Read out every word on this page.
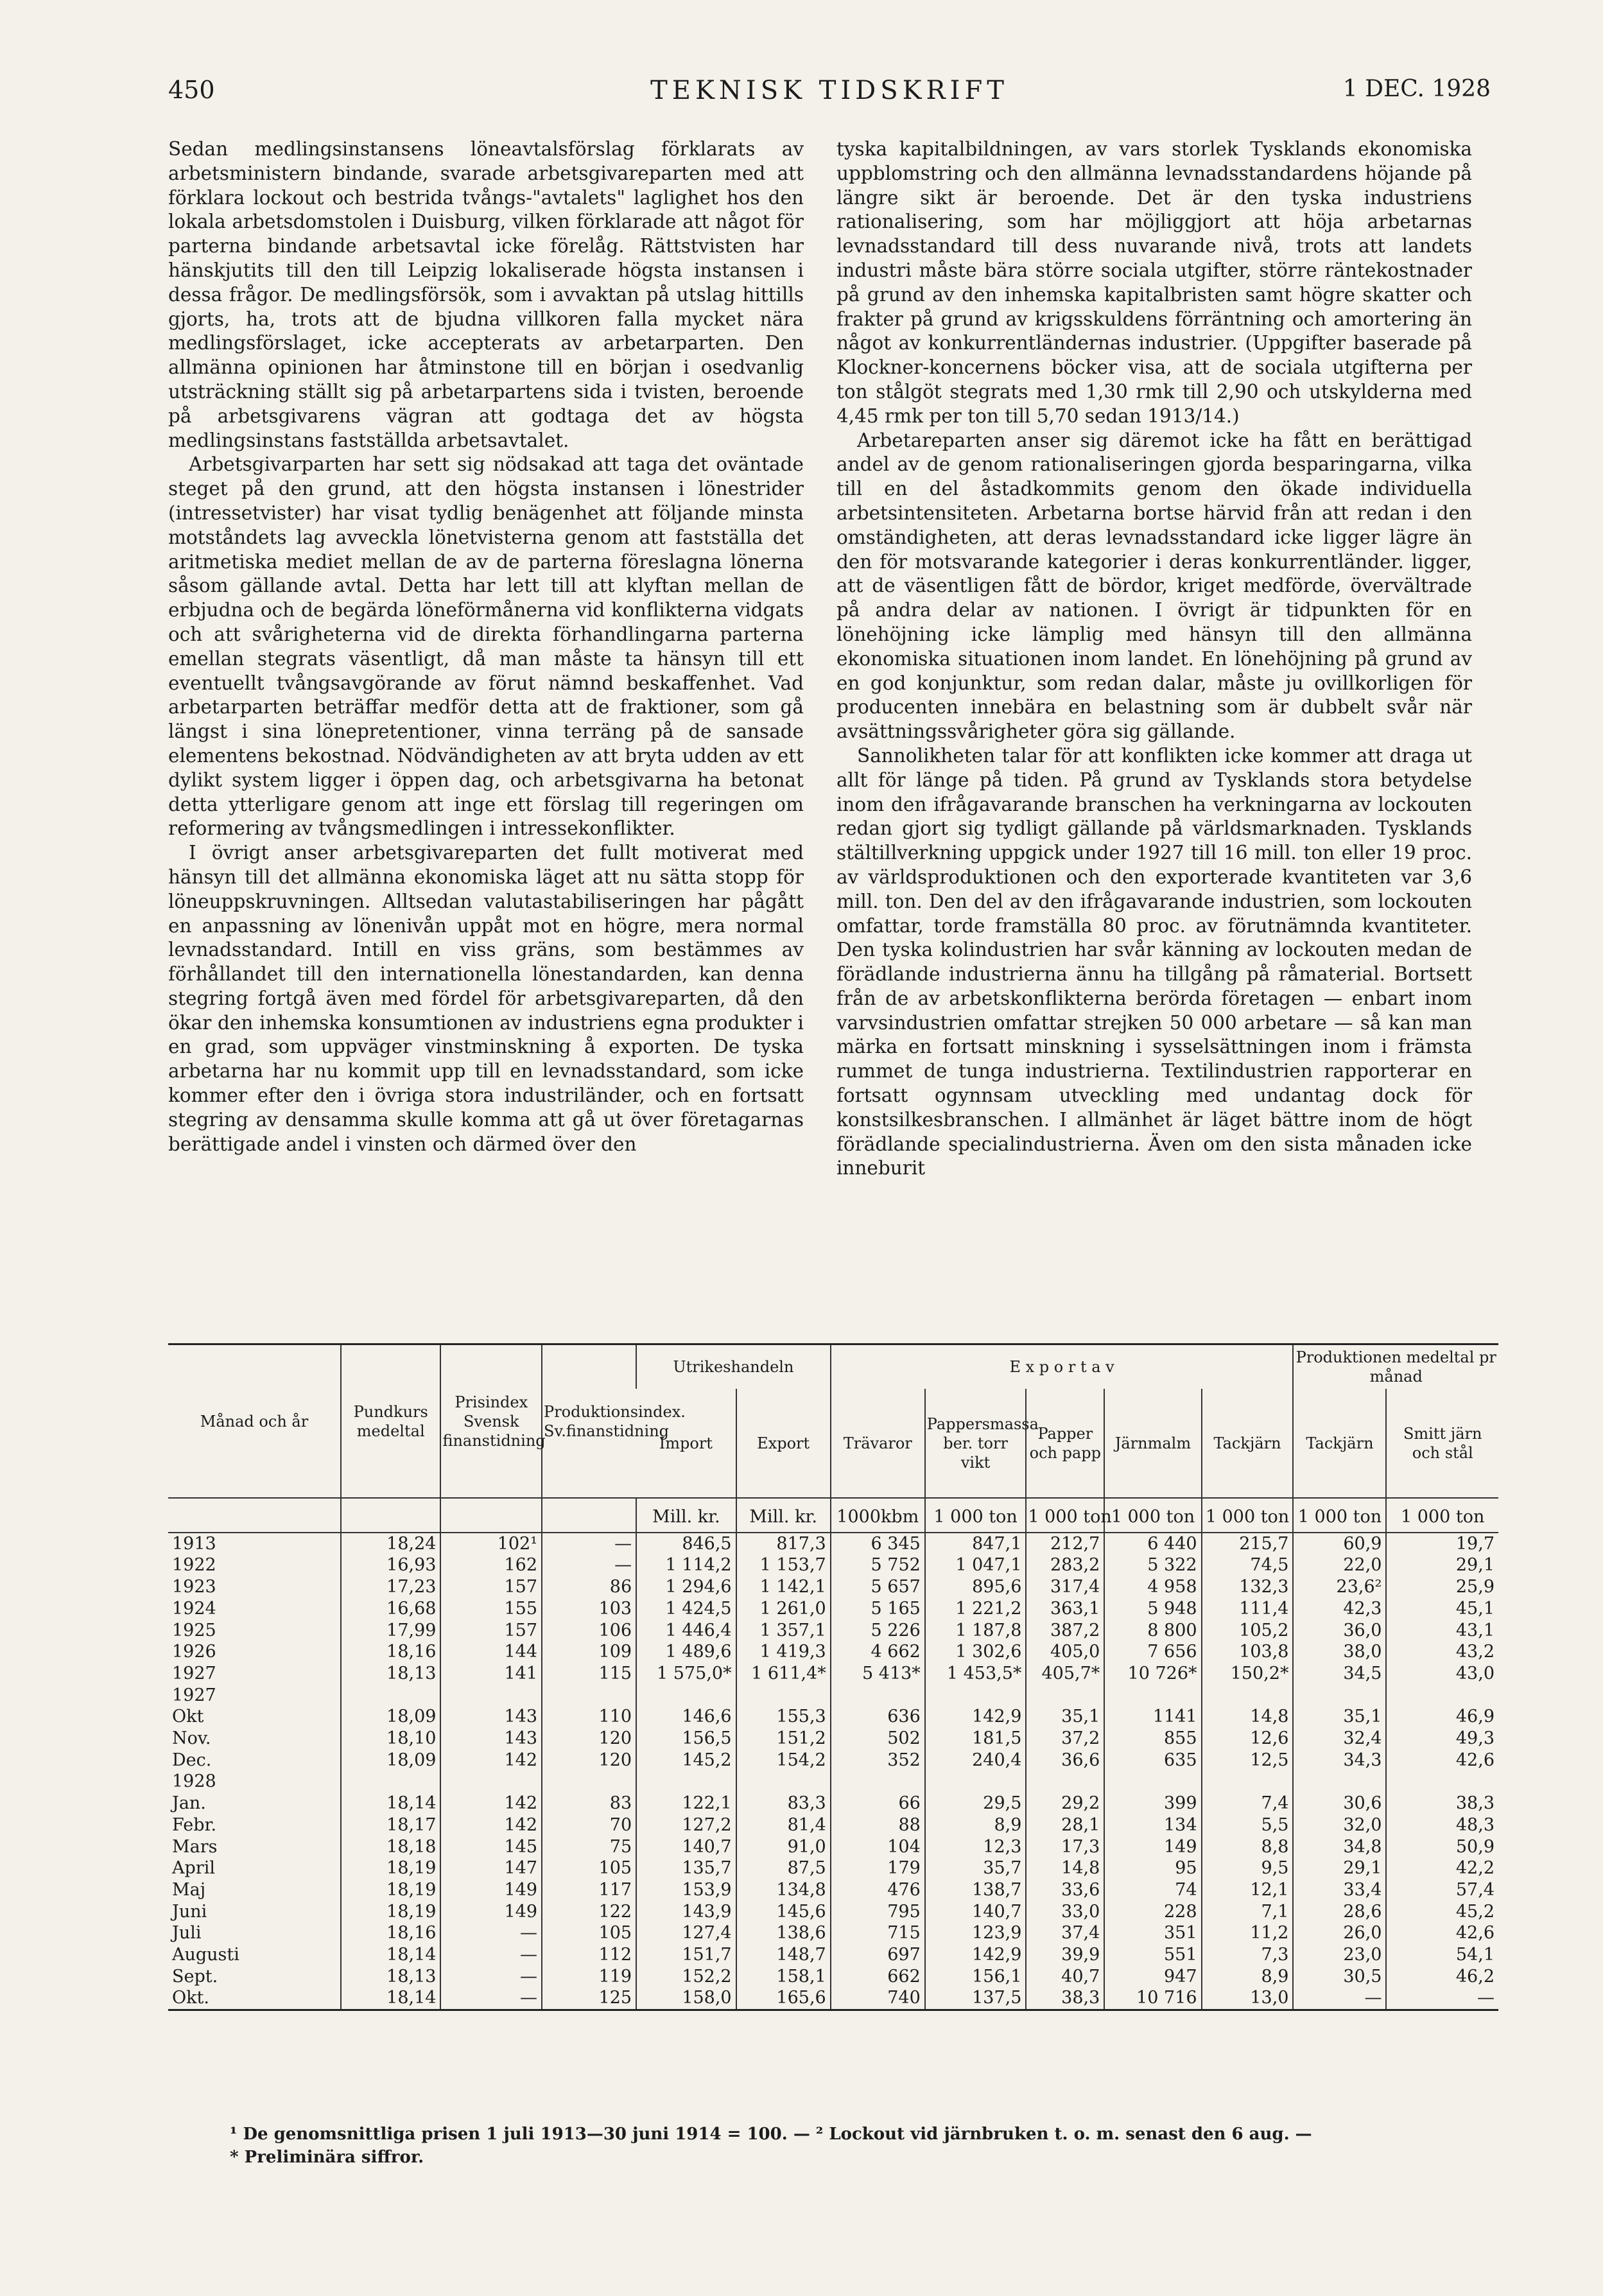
450	TEKNISK TIDSKRIFT	1 DEC. 1928

Sedan medlingsinstansens löneavtalsförslag förklarats av arbetsministern bindande, svarade arbetsgivareparten med att förklara lockout och bestrida tvångs-"avtalets" laglighet hos den lokala arbetsdomstolen i Duisburg, vilken förklarade att något för parterna bindande arbetsavtal icke förelåg. Rättstvisten har hänskjutits till den till Leipzig lokaliserade högsta instansen i dessa frågor. De medlingsförsök, som i avvaktan på utslag hittills gjorts, ha, trots att de bjudna villkoren falla mycket nära medlingsförslaget, icke accepterats av arbetarparten. Den allmänna opinionen har åtminstone till en början i osedvanlig utsträckning ställt sig på arbetarpartens sida i tvisten, beroende på arbetsgivarens vägran att godtaga det av högsta medlingsinstans fastställda arbetsavtalet.

Arbetsgivarparten har sett sig nödsakad att taga det oväntade steget på den grund, att den högsta instansen i lönestrider (intressetvister) har visat tydlig benägenhet att följande minsta motståndets lag avveckla lönetvisterna genom att fastställa det aritmetiska mediet mellan de av de parterna föreslagna lönerna såsom gällande avtal. Detta har lett till att klyftan mellan de erbjudna och de begärda löneförmånerna vid konflikterna vidgats och att svårigheterna vid de direkta förhandlingarna parterna emellan stegrats väsentligt, då man måste ta hänsyn till ett eventuellt tvångsavgörande av förut nämnd beskaffenhet. Vad arbetarparten beträffar medför detta att de fraktioner, som gå längst i sina lönepretentioner, vinna terräng på de sansade elementens bekostnad. Nödvändigheten av att bryta udden av ett dylikt system ligger i öppen dag, och arbetsgivarna ha betonat detta ytterligare genom att inge ett förslag till regeringen om reformering av tvångsmedlingen i intressekonflikter.

I övrigt anser arbetsgivareparten det fullt motiverat med hänsyn till det allmänna ekonomiska läget att nu sätta stopp för löneuppskruvningen. Alltsedan valutastabiliseringen har pågått en anpassning av lönenivån uppåt mot en högre, mera normal levnadsstandard. Intill en viss gräns, som bestämmes av förhållandet till den internationella lönestandarden, kan denna stegring fortgå även med fördel för arbetsgivareparten, då den ökar den inhemska konsumtionen av industriens egna produkter i en grad, som uppväger vinstminskning å exporten. De tyska arbetarna har nu kommit upp till en levnadsstandard, som icke kommer efter den i övriga stora industriländer, och en fortsatt stegring av densamma skulle komma att gå ut över företagarnas berättigade andel i vinsten och därmed över den

tyska kapitalbildningen, av vars storlek Tysklands ekonomiska uppblomstring och den allmänna levnadsstandardens höjande på längre sikt är beroende. Det är den tyska industriens rationalisering, som har möjliggjort att höja arbetarnas levnadsstandard till dess nuvarande nivå, trots att landets industri måste bära större sociala utgifter, större räntekostnader på grund av den inhemska kapitalbristen samt högre skatter och frakter på grund av krigsskuldens förräntning och amortering än något av konkurrentländernas industrier. (Uppgifter baserade på Klockner-koncernens böcker visa, att de sociala utgifterna per ton stålgöt stegrats med 1,30 rmk till 2,90 och utskylderna med 4,45 rmk per ton till 5,70 sedan 1913/14.)

Arbetareparten anser sig däremot icke ha fått en berättigad andel av de genom rationaliseringen gjorda besparingarna, vilka till en del åstadkommits genom den ökade individuella arbetsintensiteten. Arbetarna bortse härvid från att redan i den omständigheten, att deras levnadsstandard icke ligger lägre än den för motsvarande kategorier i deras konkurrentländer. ligger, att de väsentligen fått de bördor, kriget medförde, övervältrade på andra delar av nationen. I övrigt är tidpunkten för en lönehöjning icke lämplig med hänsyn till den allmänna ekonomiska situationen inom landet. En lönehöjning på grund av en god konjunktur, som redan dalar, måste ju ovillkorligen för producenten innebära en belastning som är dubbelt svår när avsättningssvårigheter göra sig gällande.

Sannolikheten talar för att konflikten icke kommer att draga ut allt för länge på tiden. På grund av Tysklands stora betydelse inom den ifrågavarande branschen ha verkningarna av lockouten redan gjort sig tydligt gällande på världsmarknaden. Tysklands stältillverkning uppgick under 1927 till 16 mill. ton eller 19 proc. av världsproduktionen och den exporterade kvantiteten var 3,6 mill. ton. Den del av den ifrågavarande industrien, som lockouten omfattar, torde framställa 80 proc. av förutnämnda kvantiteter. Den tyska kolindustrien har svår känning av lockouten medan de förädlande industrierna ännu ha tillgång på råmaterial. Bortsett från de av arbetskonflikterna berörda företagen — enbart inom varvsindustrien omfattar strejken 50 000 arbetare — så kan man märka en fortsatt minskning i sysselsättningen inom i främsta rummet de tunga industrierna. Textilindustrien rapporterar en fortsatt ogynnsam utveckling med undantag dock för konstsilkesbranschen. I allmänhet är läget bättre inom de högt förädlande specialindustrierna. Även om den sista månaden icke inneburit

Månad och år	Pundkurs medeltal	Prisindex Svensk finanstidning	Produktionsindex. Sv.finanstidning	Utrikeshandeln		E x p o r t a v					Produktionen medeltal pr månad	
				Import	Export	Trävaror	Pappersmassa ber. torr vikt	Papper och papp	Järnmalm	Tackjärn	Tackjärn	Smitt järn och stål
				Mill. kr.	Mill. kr.	1000kbm	1 000 ton	1 000 ton	1 000 ton	1 000 ton	1 000 ton	1 000 ton
1913	18,24	102¹	—	846,5	817,3	6 345	847,1	212,7	6 440	215,7	60,9	19,7
1922	16,93	162	—	1 114,2	1 153,7	5 752	1 047,1	283,2	5 322	74,5	22,0	29,1
1923	17,23	157	86	1 294,6	1 142,1	5 657	895,6	317,4	4 958	132,3	23,6²	25,9
1924	16,68	155	103	1 424,5	1 261,0	5 165	1 221,2	363,1	5 948	111,4	42,3	45,1
1925	17,99	157	106	1 446,4	1 357,1	5 226	1 187,8	387,2	8 800	105,2	36,0	43,1
1926	18,16	144	109	1 489,6	1 419,3	4 662	1 302,6	405,0	7 656	103,8	38,0	43,2
1927	18,13	141	115	1 575,0*	1 611,4*	5 413*	1 453,5*	405,7*	10 726*	150,2*	34,5	43,0
1927												
Okt	18,09	143	110	146,6	155,3	636	142,9	35,1	1141	14,8	35,1	46,9
Nov.	18,10	143	120	156,5	151,2	502	181,5	37,2	855	12,6	32,4	49,3
Dec.	18,09	142	120	145,2	154,2	352	240,4	36,6	635	12,5	34,3	42,6
1928												
Jan.	18,14	142	83	122,1	83,3	66	29,5	29,2	399	7,4	30,6	38,3
Febr.	18,17	142	70	127,2	81,4	88	8,9	28,1	134	5,5	32,0	48,3
Mars	18,18	145	75	140,7	91,0	104	12,3	17,3	149	8,8	34,8	50,9
April	18,19	147	105	135,7	87,5	179	35,7	14,8	95	9,5	29,1	42,2
Maj	18,19	149	117	153,9	134,8	476	138,7	33,6	74	12,1	33,4	57,4
Juni	18,19	149	122	143,9	145,6	795	140,7	33,0	228	7,1	28,6	45,2
Juli	18,16	—	105	127,4	138,6	715	123,9	37,4	351	11,2	26,0	42,6
Augusti	18,14	—	112	151,7	148,7	697	142,9	39,9	551	7,3	23,0	54,1
Sept.	18,13	—	119	152,2	158,1	662	156,1	40,7	947	8,9	30,5	46,2
Okt.	18,14	—	125	158,0	165,6	740	137,5	38,3	10 716	13,0	—	—
¹ De genomsnittliga prisen 1 juli 1913—30 juni 1914 = 100. — ² Lockout vid järnbruken t. o. m. senast den 6 aug. —
* Preliminära siffror.
